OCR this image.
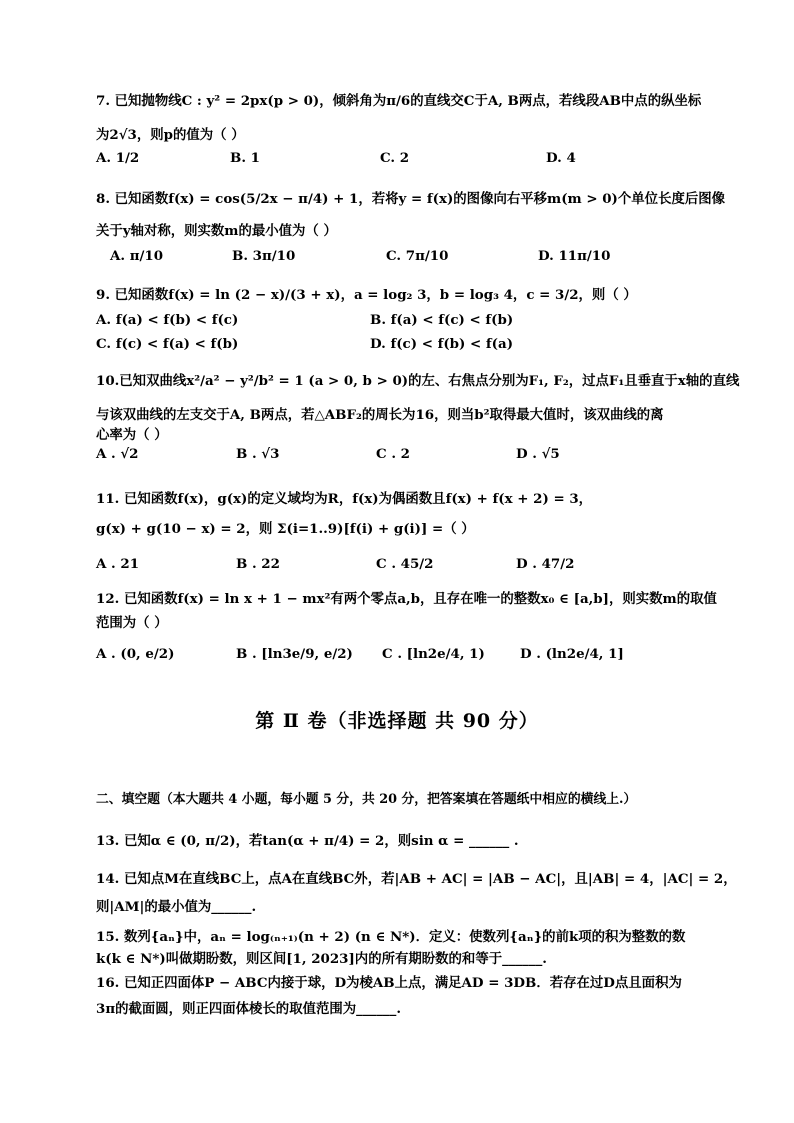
7. 已知抛物线C : y² = 2px(p > 0)，倾斜角为π/6的直线交C于A, B两点，若线段AB中点的纵坐标
为2√3，则p的值为（ ）
A. 1/2	B. 1	C. 2	D. 4
8. 已知函数f(x) = cos(5/2x − π/4) + 1，若将y = f(x)的图像向右平移m(m > 0)个单位长度后图像
关于y轴对称，则实数m的最小值为（ ）
A. π/10	B. 3π/10	C. 7π/10	D. 11π/10
9. 已知函数f(x) = ln (2 − x)/(3 + x)，a = log₂ 3，b = log₃ 4，c = 3/2，则（ ）
A. f(a) < f(b) < f(c)	B. f(a) < f(c) < f(b)
C. f(c) < f(a) < f(b)	D. f(c) < f(b) < f(a)
10.已知双曲线x²/a² − y²/b² = 1 (a > 0, b > 0)的左、右焦点分别为F₁, F₂，过点F₁且垂直于x轴的直线
与该双曲线的左支交于A, B两点，若△ABF₂的周长为16，则当b²取得最大值时，该双曲线的离
心率为（ ）
A . √2	B . √3	C . 2	D . √5
11. 已知函数f(x)，g(x)的定义域均为R，f(x)为偶函数且f(x) + f(x + 2) = 3，
g(x) + g(10 − x) = 2，则 Σ(i=1..9)[f(i) + g(i)] =（ ）
A . 21	B . 22	C . 45/2	D . 47/2
12. 已知函数f(x) = ln x + 1 − mx²有两个零点a,b，且存在唯一的整数x₀ ∈ [a,b]，则实数m的取值
范围为（ ）
A . (0, e/2)	B . [ln3e/9, e/2) C . [ln2e/4, 1)	D . (ln2e/4, 1]
第 Ⅱ 卷（非选择题 共 90 分）
二、填空题（本大题共 4 小题，每小题 5 分，共 20 分，把答案填在答题纸中相应的横线上.）
13. 已知α ∈ (0, π/2)，若tan(α + π/4) = 2，则sin α = ______ .
14. 已知点M在直线BC上，点A在直线BC外，若|AB + AC| = |AB − AC|，且|AB| = 4，|AC| = 2，
则|AM|的最小值为______.
15. 数列{aₙ}中，aₙ = log₍ₙ₊₁₎(n + 2) (n ∈ N*)．定义：使数列{aₙ}的前k项的积为整数的数
k(k ∈ N*)叫做期盼数，则区间[1, 2023]内的所有期盼数的和等于______.
16. 已知正四面体P − ABC内接于球，D为棱AB上点，满足AD = 3DB．若存在过D点且面积为
3π的截面圆，则正四面体棱长的取值范围为______.
